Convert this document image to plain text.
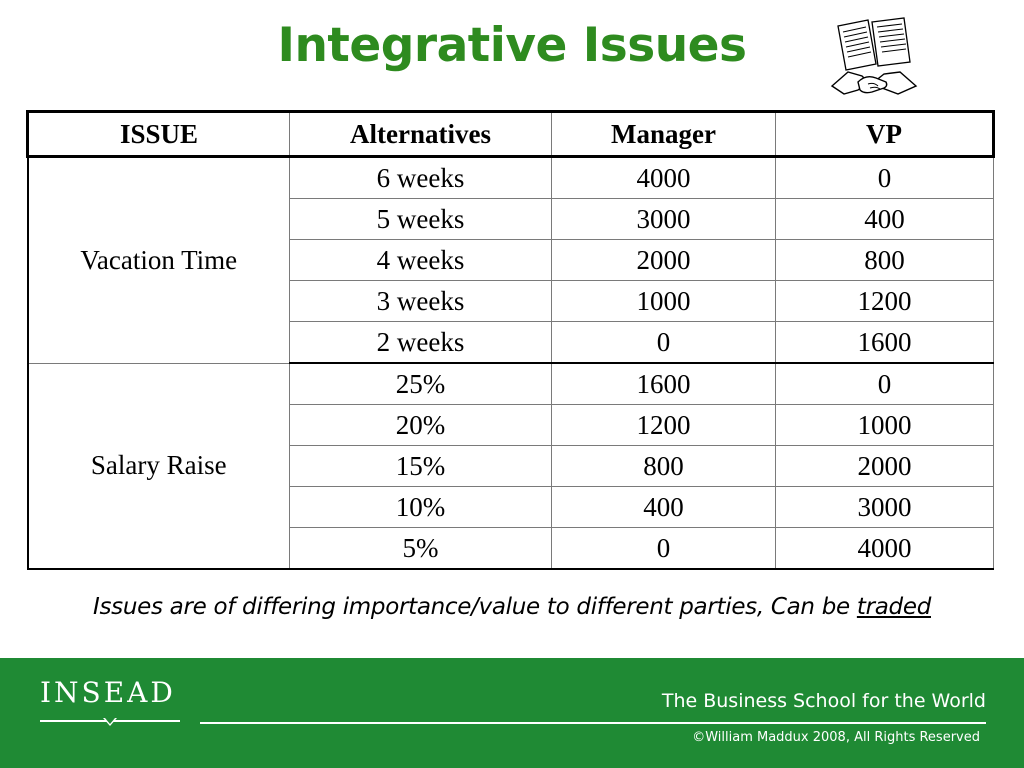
Integrative Issues
ISSUE	Alternatives	Manager	VP
Vacation Time	6 weeks	4000	0
	5 weeks	3000	400
	4 weeks	2000	800
	3 weeks	1000	1200
	2 weeks	0	1600
Salary Raise	25%	1600	0
	20%	1200	1000
	15%	800	2000
	10%	400	3000
	5%	0	4000
Issues are of differing importance/value to different parties, Can be traded
INSEAD	The Business School for the World
©William Maddux 2008, All Rights Reserved
